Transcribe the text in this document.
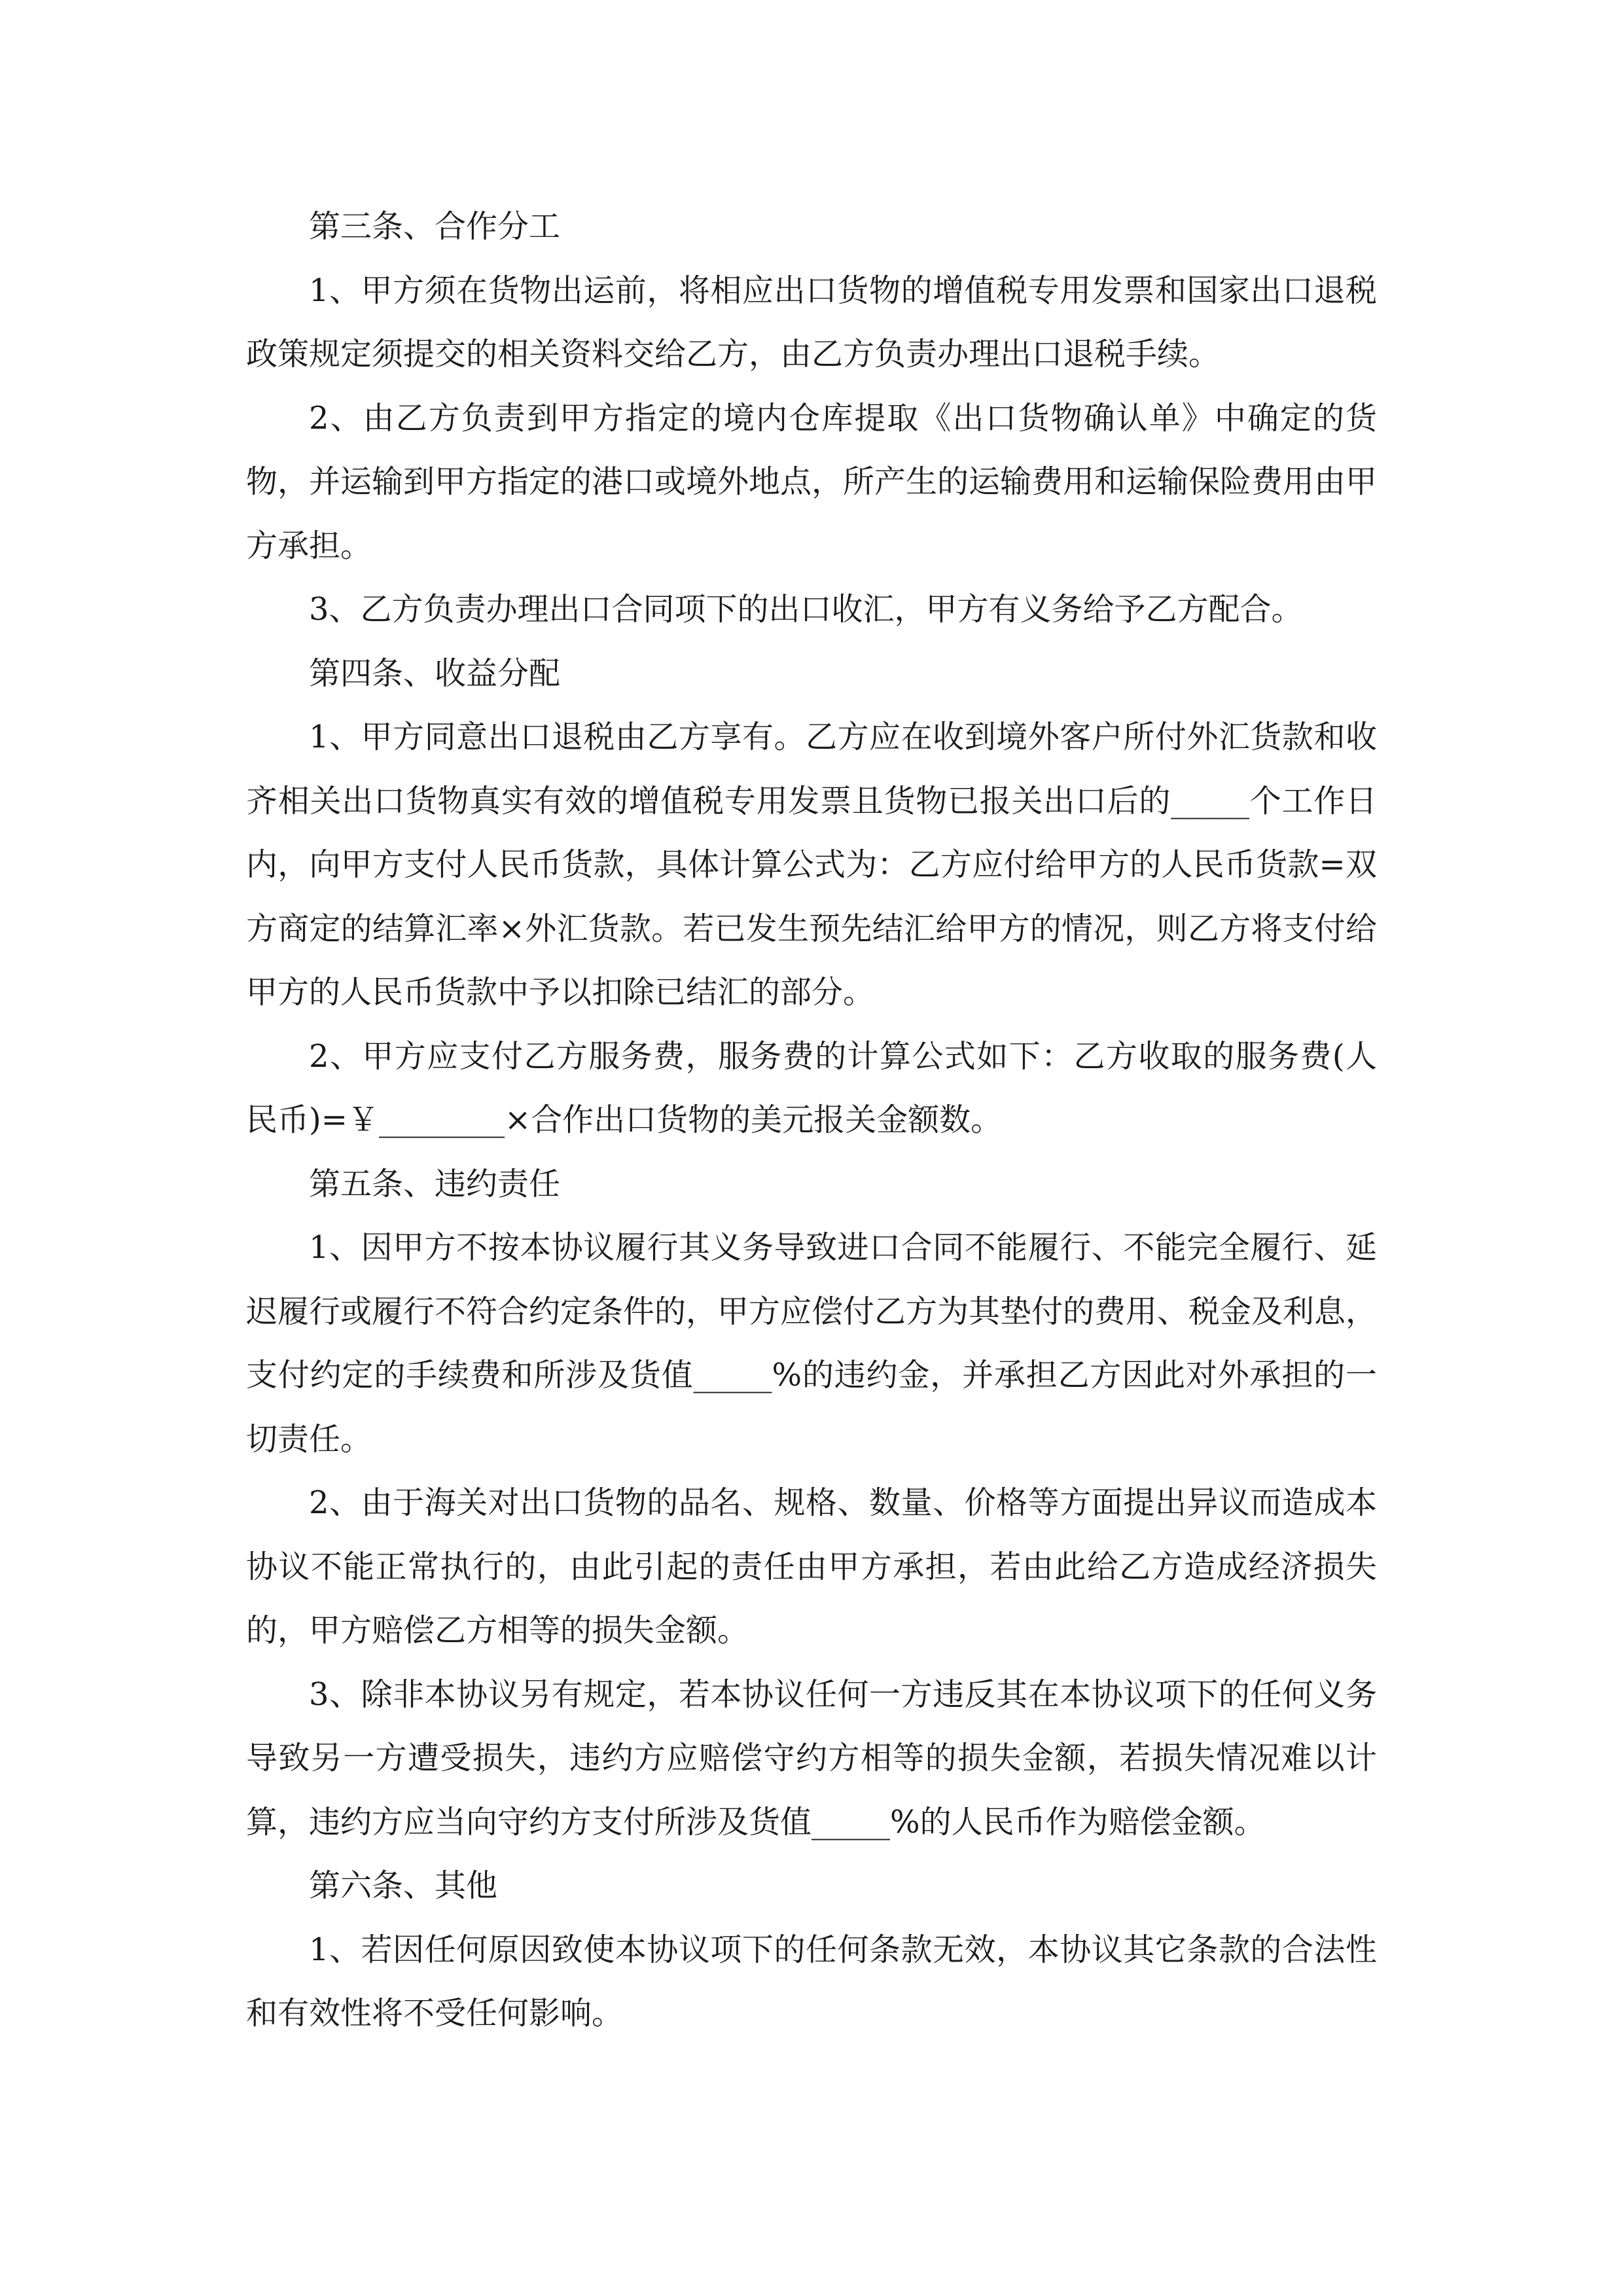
第三条、合作分工

1、甲方须在货物出运前，将相应出口货物的增值税专用发票和国家出口退税政策规定须提交的相关资料交给乙方，由乙方负责办理出口退税手续。

2、由乙方负责到甲方指定的境内仓库提取《出口货物确认单》中确定的货物，并运输到甲方指定的港口或境外地点，所产生的运输费用和运输保险费用由甲方承担。

3、乙方负责办理出口合同项下的出口收汇，甲方有义务给予乙方配合。

第四条、收益分配

1、甲方同意出口退税由乙方享有。乙方应在收到境外客户所付外汇货款和收齐相关出口货物真实有效的增值税专用发票且货物已报关出口后的_____个工作日内，向甲方支付人民币货款，具体计算公式为：乙方应付给甲方的人民币货款=双方商定的结算汇率×外汇货款。若已发生预先结汇给甲方的情况，则乙方将支付给甲方的人民币货款中予以扣除已结汇的部分。

2、甲方应支付乙方服务费，服务费的计算公式如下：乙方收取的服务费(人民币)=￥________×合作出口货物的美元报关金额数。

第五条、违约责任

1、因甲方不按本协议履行其义务导致进口合同不能履行、不能完全履行、延迟履行或履行不符合约定条件的，甲方应偿付乙方为其垫付的费用、税金及利息，支付约定的手续费和所涉及货值_____%的违约金，并承担乙方因此对外承担的一切责任。

2、由于海关对出口货物的品名、规格、数量、价格等方面提出异议而造成本协议不能正常执行的，由此引起的责任由甲方承担，若由此给乙方造成经济损失的，甲方赔偿乙方相等的损失金额。

3、除非本协议另有规定，若本协议任何一方违反其在本协议项下的任何义务导致另一方遭受损失，违约方应赔偿守约方相等的损失金额，若损失情况难以计算，违约方应当向守约方支付所涉及货值_____%的人民币作为赔偿金额。

第六条、其他

1、若因任何原因致使本协议项下的任何条款无效，本协议其它条款的合法性和有效性将不受任何影响。
